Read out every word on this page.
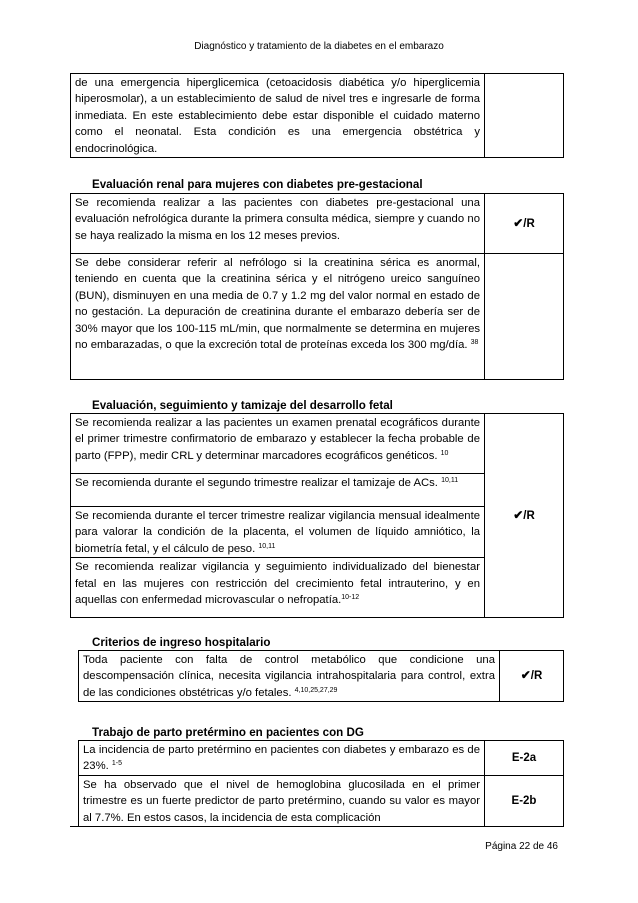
Diagnóstico y tratamiento de la diabetes en el embarazo
de una emergencia hiperglicemica (cetoacidosis diabética y/o hiperglicemia hiperosmolar), a un establecimiento de salud de nivel tres e ingresarle de forma inmediata. En este establecimiento debe estar disponible el cuidado materno como el neonatal. Esta condición es una emergencia obstétrica y endocrinológica.	
Evaluación renal para mujeres con diabetes pre-gestacional
Se recomienda realizar a las pacientes con diabetes pre-gestacional una evaluación nefrológica durante la primera consulta médica, siempre y cuando no se haya realizado la misma en los 12 meses previos.	✔/R
Se debe considerar referir al nefrólogo si la creatinina sérica es anormal, teniendo en cuenta que la creatinina sérica y el nitrógeno ureico sanguíneo (BUN), disminuyen en una media de 0.7 y 1.2 mg del valor normal en estado de no gestación. La depuración de creatinina durante el embarazo debería ser de 30% mayor que los 100-115 mL/min, que normalmente se determina en mujeres no embarazadas, o que la excreción total de proteínas exceda los 300 mg/día. $^{38}$	
Evaluación, seguimiento y tamizaje del desarrollo fetal
Se recomienda realizar a las pacientes un examen prenatal ecográficos durante el primer trimestre confirmatorio de embarazo y establecer la fecha probable de parto (FPP), medir CRL y determinar marcadores ecográficos genéticos. $^{10}$	✔/R
Se recomienda durante el segundo trimestre realizar el tamizaje de ACs. $^{10,11}$
Se recomienda durante el tercer trimestre realizar vigilancia mensual idealmente para valorar la condición de la placenta, el volumen de líquido amniótico, la biometría fetal, y el cálculo de peso. $^{10,11}$
Se recomienda realizar vigilancia y seguimiento individualizado del bienestar fetal en las mujeres con restricción del crecimiento fetal intrauterino, y en aquellas con enfermedad microvascular o nefropatía.$^{10-12}$
Criterios de ingreso hospitalario
Toda paciente con falta de control metabólico que condicione una descompensación clínica, necesita vigilancia intrahospitalaria para control, extra de las condiciones obstétricas y/o fetales. $^{4,10,25,27,29}$	✔/R
Trabajo de parto pretérmino en pacientes con DG
La incidencia de parto pretérmino en pacientes con diabetes y embarazo es de 23%. $^{1-5}$	E-2a
Se ha observado que el nivel de hemoglobina glucosilada en el primer trimestre es un fuerte predictor de parto pretérmino, cuando su valor es mayor al 7.7%. En estos casos, la incidencia de esta complicación	E-2b
Página 22 de 46
